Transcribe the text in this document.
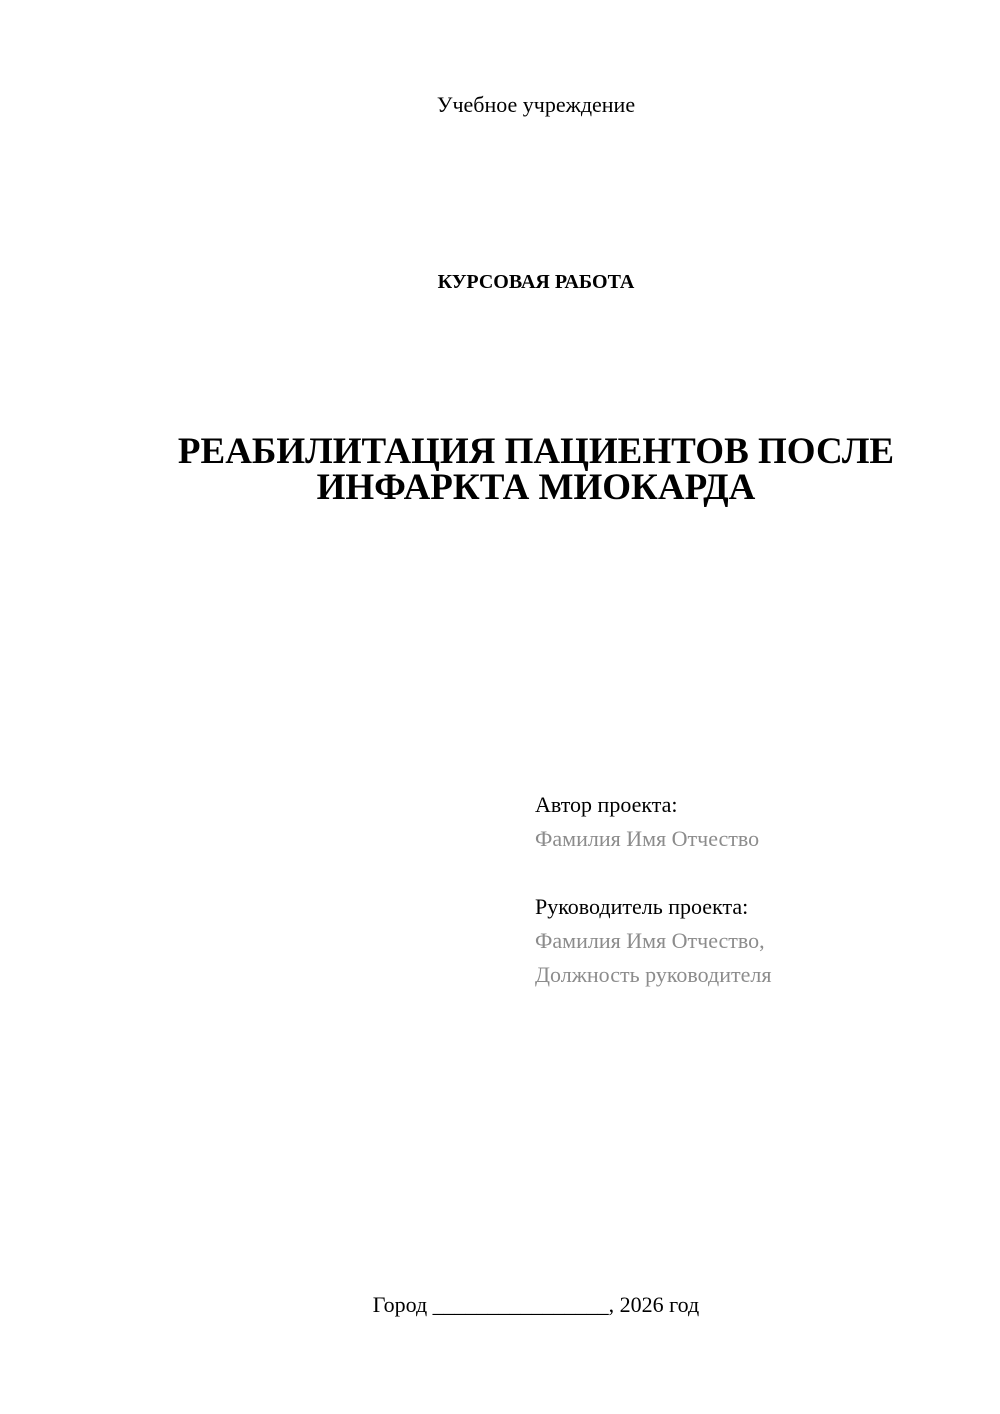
Учебное учреждение
КУРСОВАЯ РАБОТА
РЕАБИЛИТАЦИЯ ПАЦИЕНТОВ ПОСЛЕ
ИНФАРКТА МИОКАРДА
Автор проекта:
Фамилия Имя Отчество
Руководитель проекта:
Фамилия Имя Отчество,
Должность руководителя
Город ________________, 2026 год
